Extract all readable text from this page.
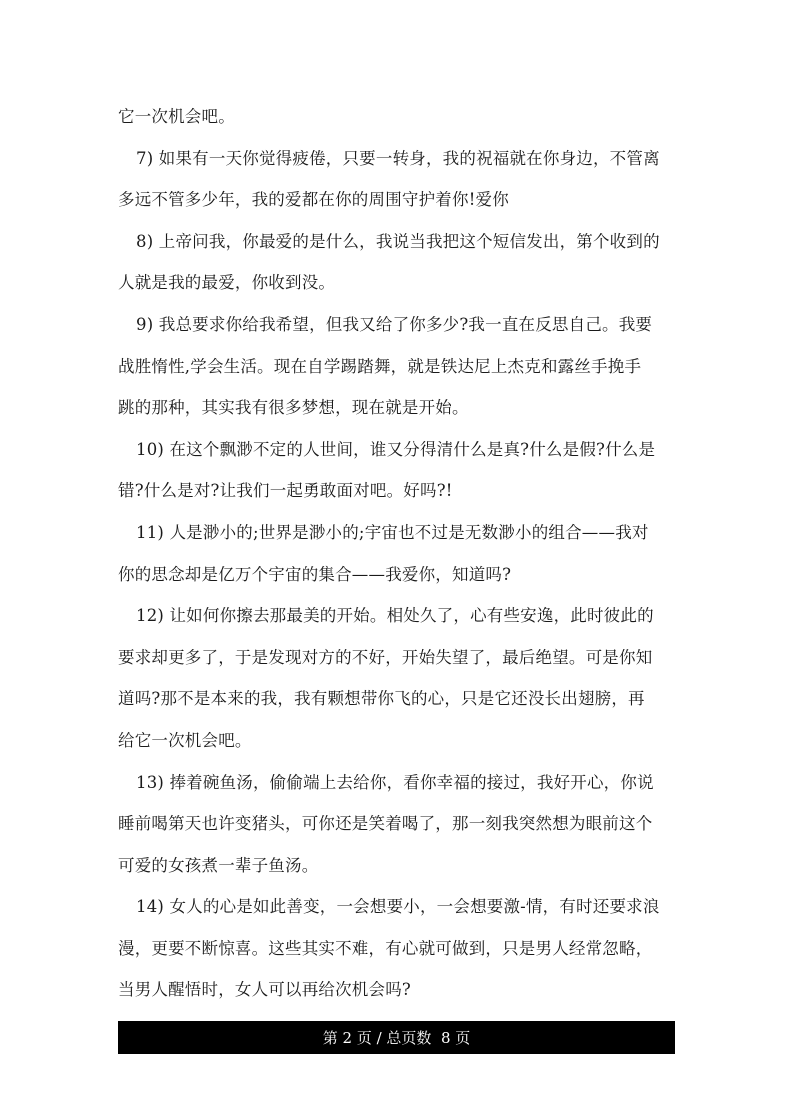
它一次机会吧。
7) 如果有一天你觉得疲倦，只要一转身，我的祝福就在你身边，不管离
多远不管多少年，我的爱都在你的周围守护着你!爱你
8) 上帝问我，你最爱的是什么，我说当我把这个短信发出，第个收到的
人就是我的最爱，你收到没。
9) 我总要求你给我希望，但我又给了你多少?我一直在反思自己。我要
战胜惰性,学会生活。现在自学踢踏舞，就是铁达尼上杰克和露丝手挽手
跳的那种，其实我有很多梦想，现在就是开始。
10) 在这个飘渺不定的人世间，谁又分得清什么是真?什么是假?什么是
错?什么是对?让我们一起勇敢面对吧。好吗?!
11) 人是渺小的;世界是渺小的;宇宙也不过是无数渺小的组合——我对
你的思念却是亿万个宇宙的集合——我爱你，知道吗?
12) 让如何你擦去那最美的开始。相处久了，心有些安逸，此时彼此的
要求却更多了，于是发现对方的不好，开始失望了，最后绝望。可是你知
道吗?那不是本来的我，我有颗想带你飞的心，只是它还没长出翅膀，再
给它一次机会吧。
13) 捧着碗鱼汤，偷偷端上去给你，看你幸福的接过，我好开心，你说
睡前喝第天也许变猪头，可你还是笑着喝了，那一刻我突然想为眼前这个
可爱的女孩煮一辈子鱼汤。
14) 女人的心是如此善变，一会想要小，一会想要激-情，有时还要求浪
漫，更要不断惊喜。这些其实不难，有心就可做到，只是男人经常忽略，
当男人醒悟时，女人可以再给次机会吗?
第 2 页 / 总页数  8 页
